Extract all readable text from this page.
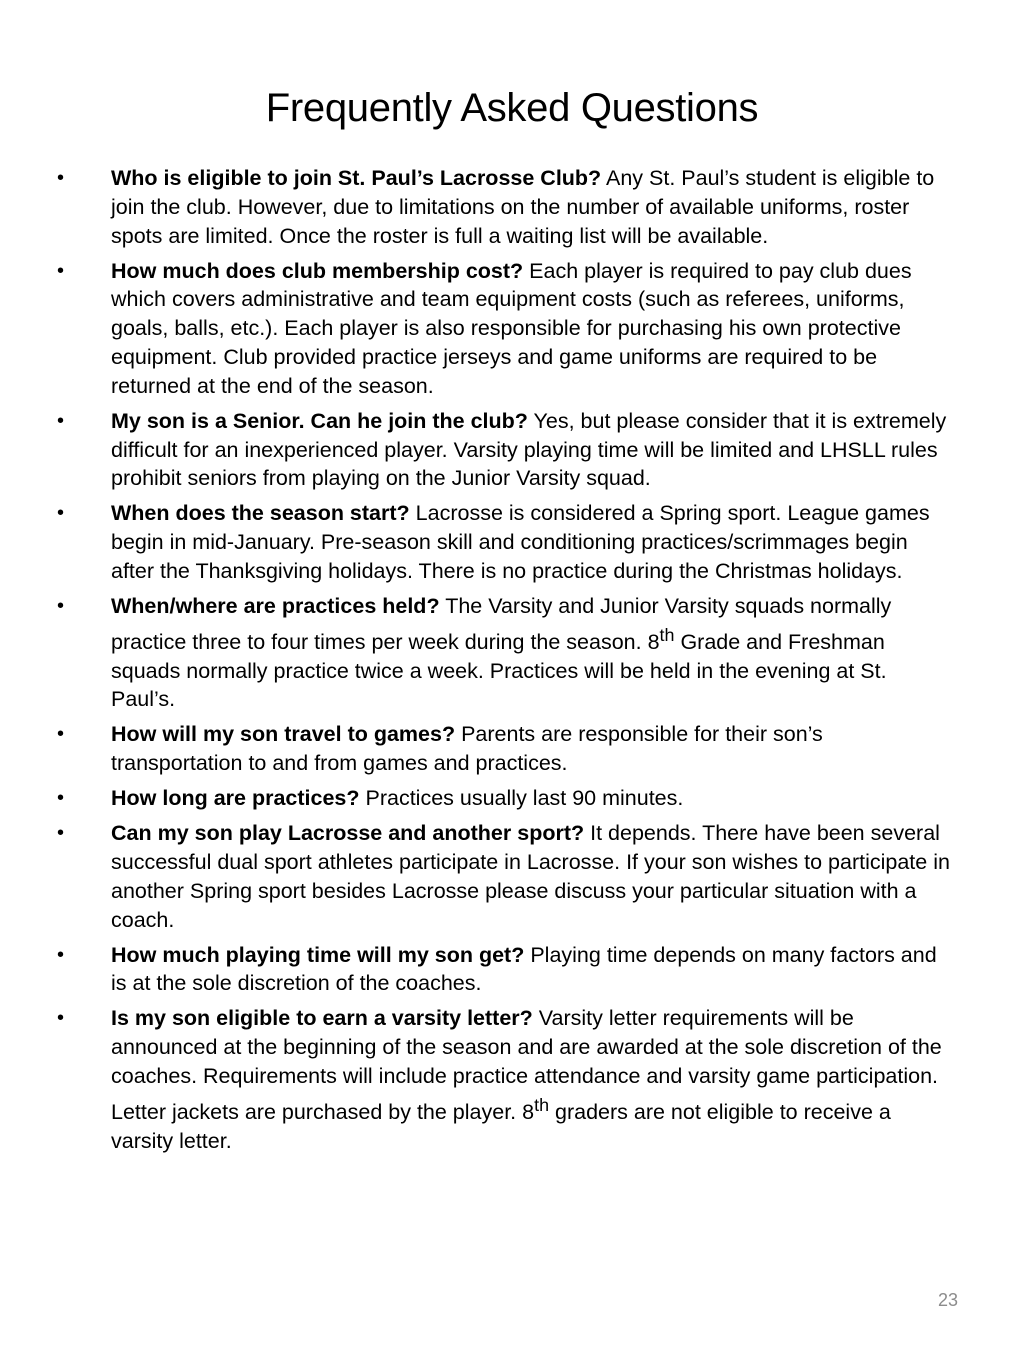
Frequently Asked Questions
• Who is eligible to join St. Paul’s Lacrosse Club? Any St. Paul’s student is eligible to join the club. However, due to limitations on the number of available uniforms, roster spots are limited. Once the roster is full a waiting list will be available.
• How much does club membership cost? Each player is required to pay club dues which covers administrative and team equipment costs (such as referees, uniforms, goals, balls, etc.). Each player is also responsible for purchasing his own protective equipment. Club provided practice jerseys and game uniforms are required to be returned at the end of the season.
• My son is a Senior. Can he join the club? Yes, but please consider that it is extremely difficult for an inexperienced player. Varsity playing time will be limited and LHSLL rules prohibit seniors from playing on the Junior Varsity squad.
• When does the season start? Lacrosse is considered a Spring sport. League games begin in mid-January. Pre-season skill and conditioning practices/scrimmages begin after the Thanksgiving holidays. There is no practice during the Christmas holidays.
• When/where are practices held? The Varsity and Junior Varsity squads normally practice three to four times per week during the season. 8th Grade and Freshman squads normally practice twice a week. Practices will be held in the evening at St. Paul’s.
• How will my son travel to games? Parents are responsible for their son’s transportation to and from games and practices.
• How long are practices? Practices usually last 90 minutes.
• Can my son play Lacrosse and another sport? It depends. There have been several successful dual sport athletes participate in Lacrosse. If your son wishes to participate in another Spring sport besides Lacrosse please discuss your particular situation with a coach.
• How much playing time will my son get? Playing time depends on many factors and is at the sole discretion of the coaches.
• Is my son eligible to earn a varsity letter? Varsity letter requirements will be announced at the beginning of the season and are awarded at the sole discretion of the coaches. Requirements will include practice attendance and varsity game participation. Letter jackets are purchased by the player. 8th graders are not eligible to receive a varsity letter.
23
